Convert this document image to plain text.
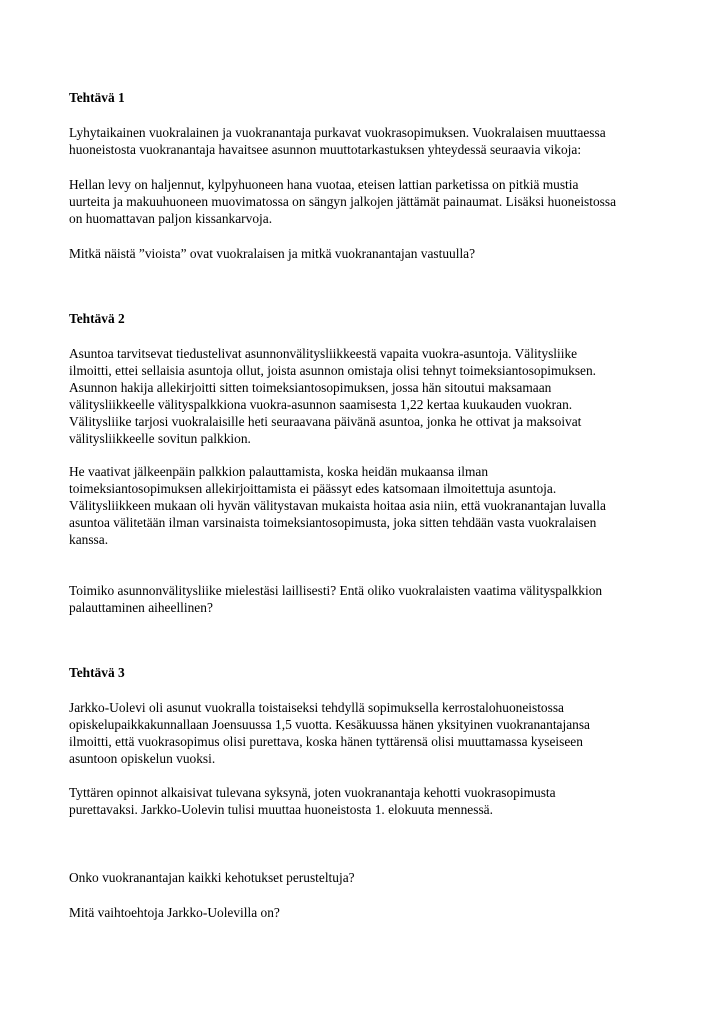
Tehtävä 1
Lyhytaikainen vuokralainen ja vuokranantaja purkavat vuokrasopimuksen. Vuokralaisen muuttaessa
huoneistosta vuokranantaja havaitsee asunnon muuttotarkastuksen yhteydessä seuraavia vikoja:
Hellan levy on haljennut, kylpyhuoneen hana vuotaa, eteisen lattian parketissa on pitkiä mustia
uurteita ja makuuhuoneen muovimatossa on sängyn jalkojen jättämät painaumat. Lisäksi huoneistossa
on huomattavan paljon kissankarvoja.
Mitkä näistä ”vioista” ovat vuokralaisen ja mitkä vuokranantajan vastuulla?
Tehtävä 2
Asuntoa tarvitsevat tiedustelivat asunnonvälitysliikkeestä vapaita vuokra-asuntoja. Välitysliike
ilmoitti, ettei sellaisia asuntoja ollut, joista asunnon omistaja olisi tehnyt toimeksiantosopimuksen.
Asunnon hakija allekirjoitti sitten toimeksiantosopimuksen, jossa hän sitoutui maksamaan
välitysliikkeelle välityspalkkiona vuokra-asunnon saamisesta 1,22 kertaa kuukauden vuokran.
Välitysliike tarjosi vuokralaisille heti seuraavana päivänä asuntoa, jonka he ottivat ja maksoivat
välitysliikkeelle sovitun palkkion.
He vaativat jälkeenpäin palkkion palauttamista, koska heidän mukaansa ilman
toimeksiantosopimuksen allekirjoittamista ei päässyt edes katsomaan ilmoitettuja asuntoja.
Välitysliikkeen mukaan oli hyvän välitystavan mukaista hoitaa asia niin, että vuokranantajan luvalla
asuntoa välitetään ilman varsinaista toimeksiantosopimusta, joka sitten tehdään vasta vuokralaisen
kanssa.
Toimiko asunnonvälitysliike mielestäsi laillisesti? Entä oliko vuokralaisten vaatima välityspalkkion
palauttaminen aiheellinen?
Tehtävä 3
Jarkko-Uolevi oli asunut vuokralla toistaiseksi tehdyllä sopimuksella kerrostalohuoneistossa
opiskelupaikkakunnallaan Joensuussa 1,5 vuotta. Kesäkuussa hänen yksityinen vuokranantajansa
ilmoitti, että vuokrasopimus olisi purettava, koska hänen tyttärensä olisi muuttamassa kyseiseen
asuntoon opiskelun vuoksi.
Tyttären opinnot alkaisivat tulevana syksynä, joten vuokranantaja kehotti vuokrasopimusta
purettavaksi. Jarkko-Uolevin tulisi muuttaa huoneistosta 1. elokuuta mennessä.
Onko vuokranantajan kaikki kehotukset perusteltuja?
Mitä vaihtoehtoja Jarkko-Uolevilla on?
